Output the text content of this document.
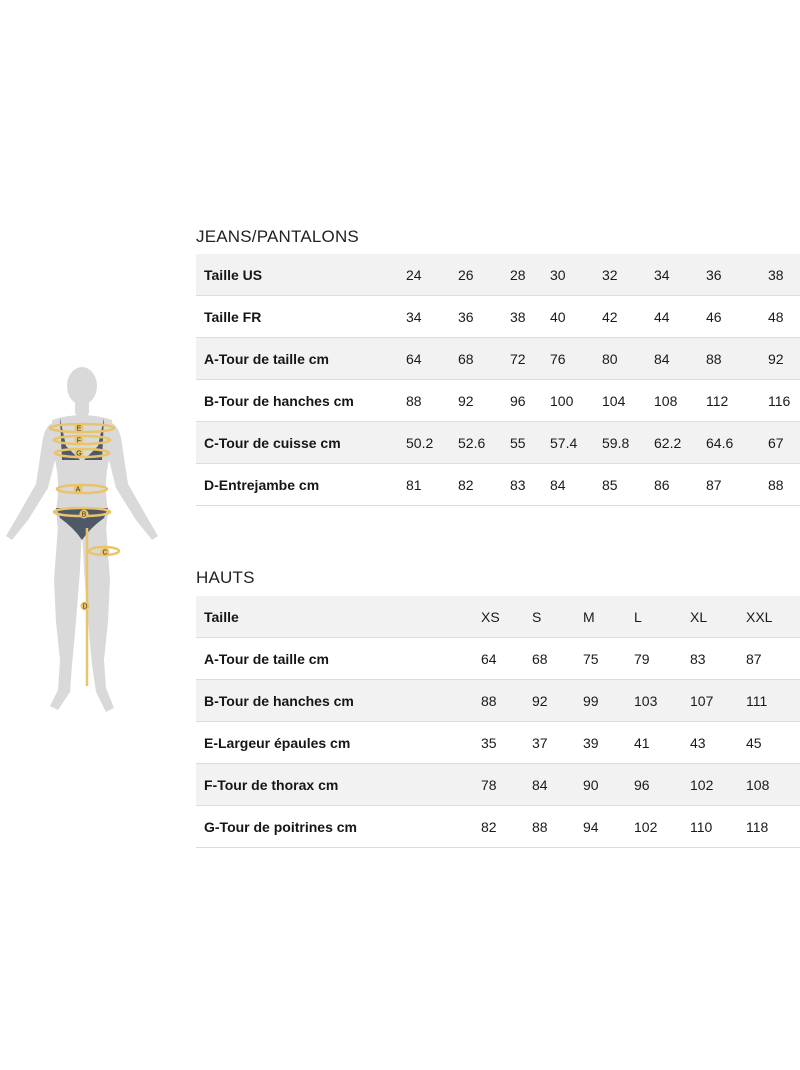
E
F
G
A
B
C
D
JEANS/PANTALONS
Taille US	24	26	28	30	32	34	36	38
Taille FR	34	36	38	40	42	44	46	48
A-Tour de taille cm	64	68	72	76	80	84	88	92
B-Tour de hanches cm	88	92	96	100	104	108	112	116
C-Tour de cuisse cm	50.2	52.6	55	57.4	59.8	62.2	64.6	67
D-Entrejambe cm	81	82	83	84	85	86	87	88
HAUTS
Taille	XS	S	M	L	XL	XXL
A-Tour de taille cm	64	68	75	79	83	87
B-Tour de hanches cm	88	92	99	103	107	111
E-Largeur épaules cm	35	37	39	41	43	45
F-Tour de thorax cm	78	84	90	96	102	108
G-Tour de poitrines cm	82	88	94	102	110	118
